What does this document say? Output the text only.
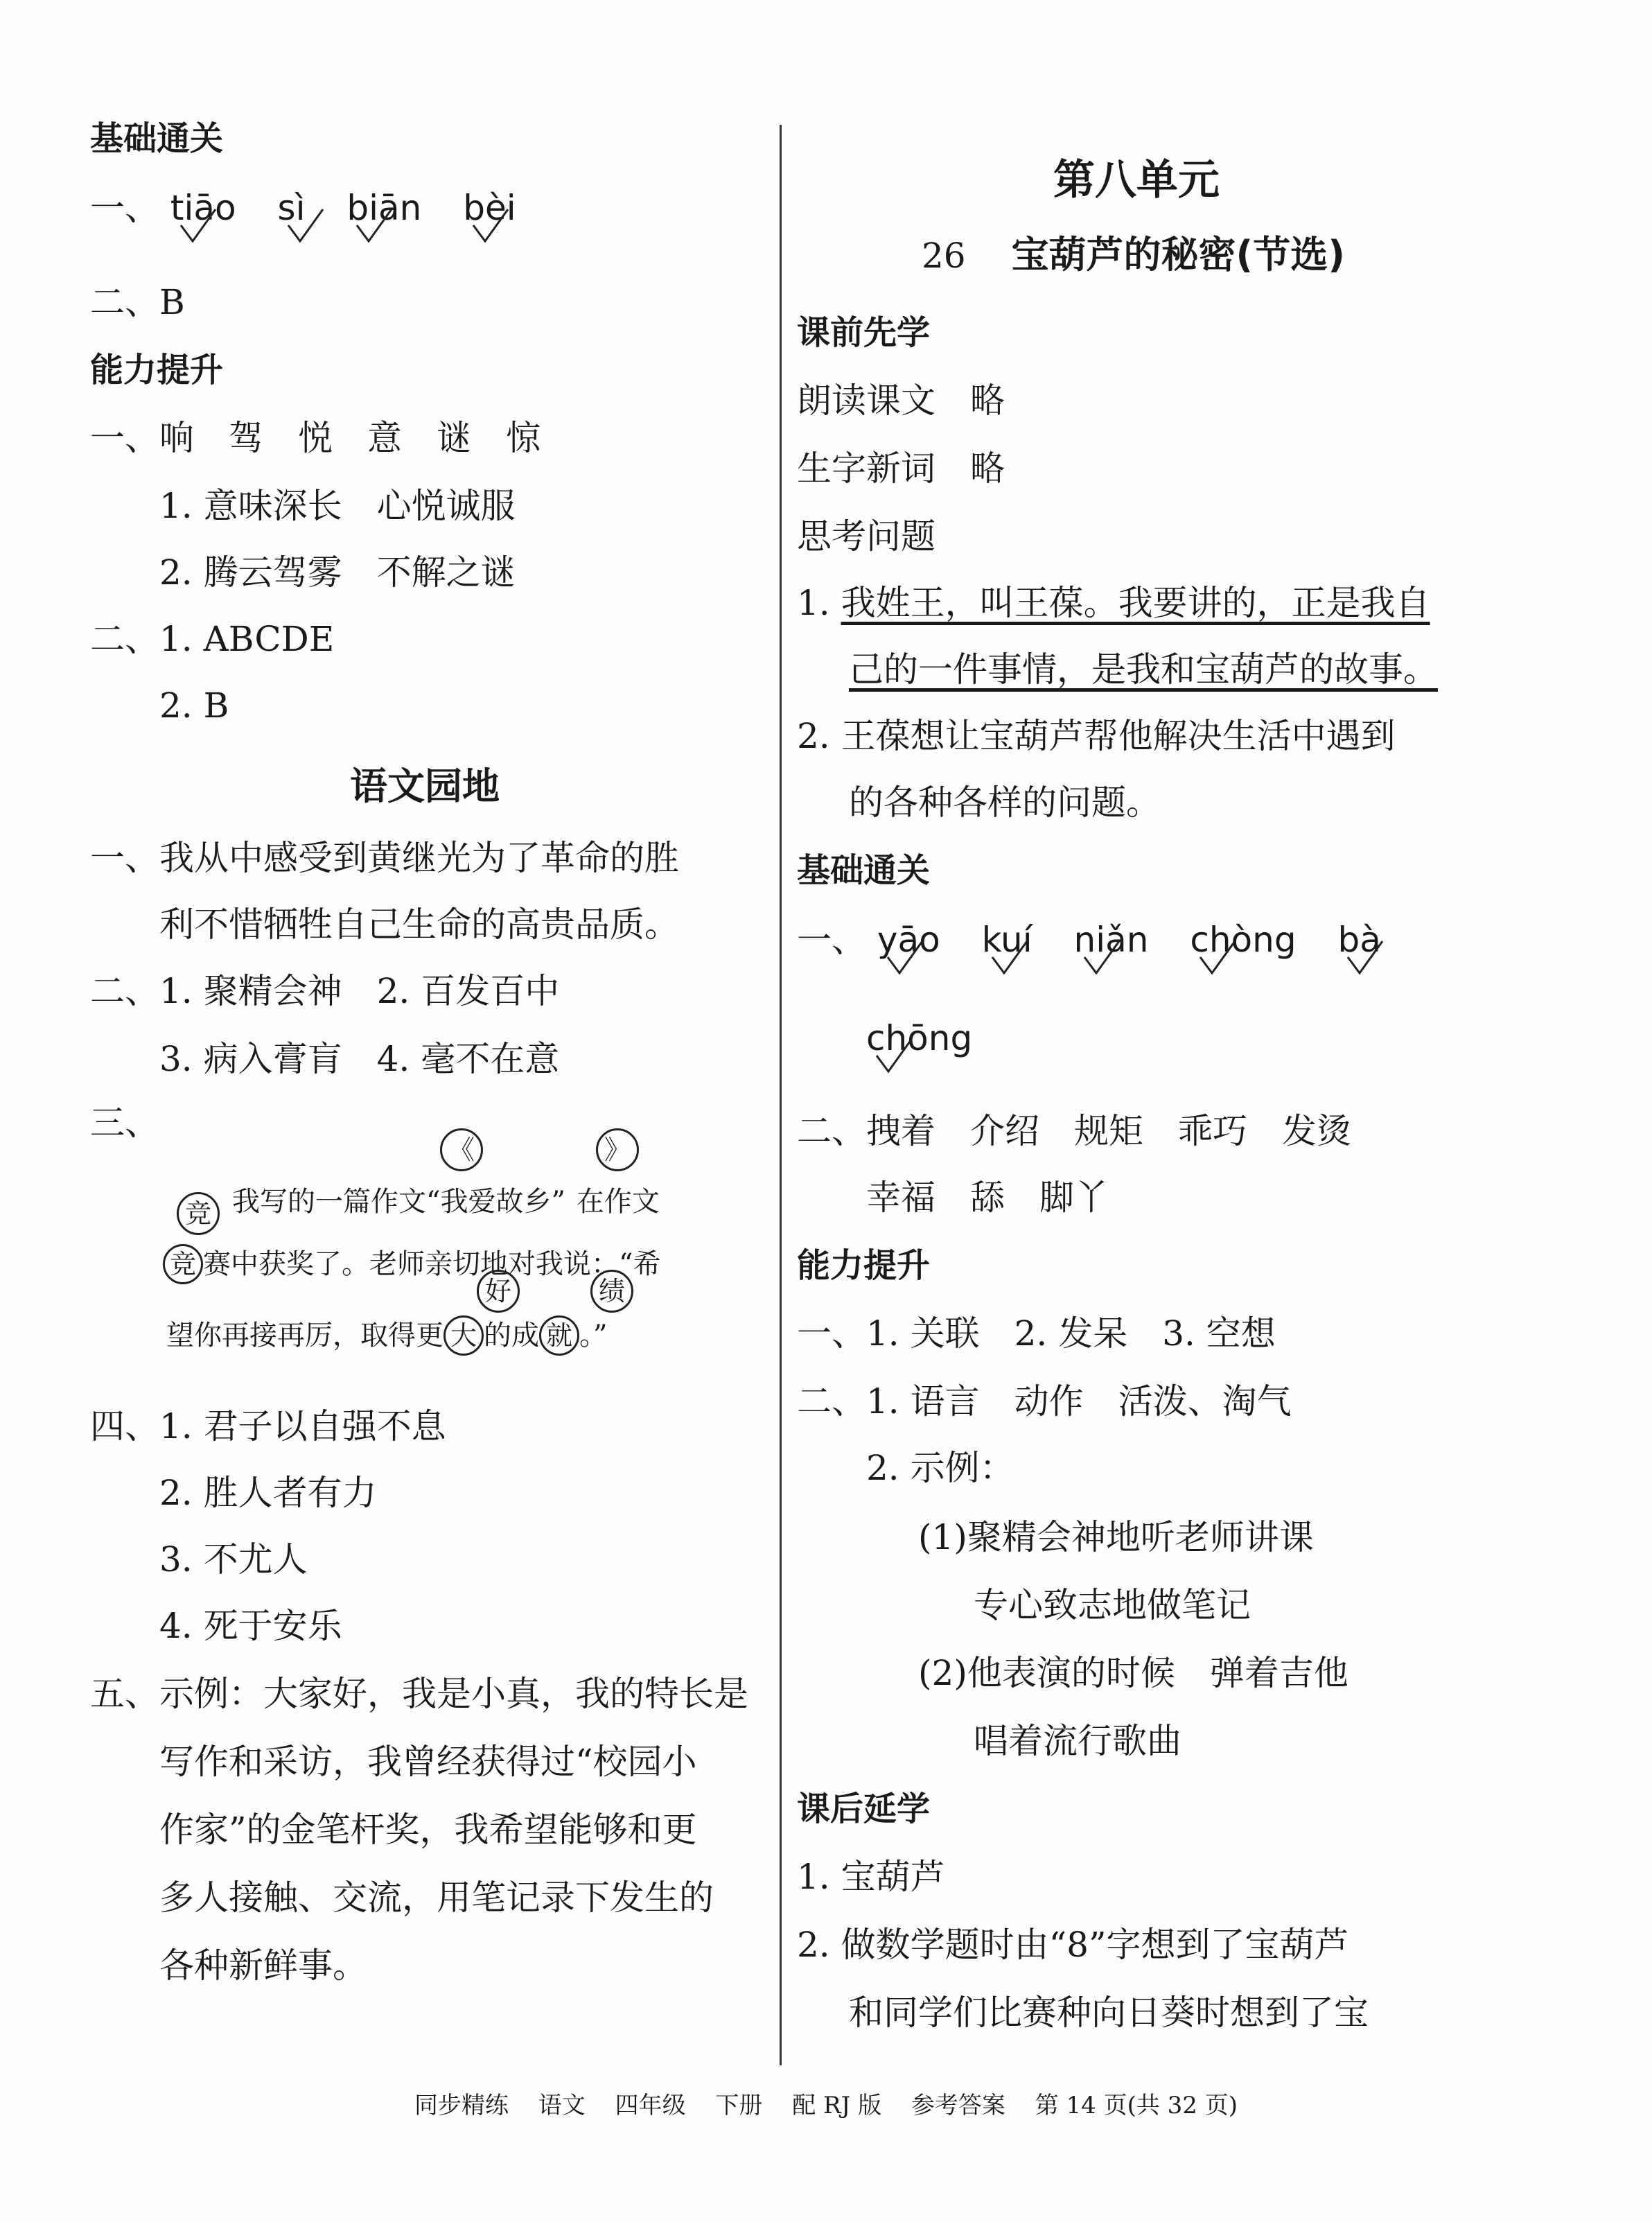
基础通关
一、 tiāo sì biān bèi
二、B
能力提升
一、响　驾　悦　意　谜　惊
1. 意味深长　心悦诚服
2. 腾云驾雾　不解之谜
二、1. ABCDE
2. B
语文园地
一、我从中感受到黄继光为了革命的胜
利不惜牺牲自己生命的高贵品质。
二、1. 聚精会神　2. 百发百中
3. 病入膏肓　4. 毫不在意
三、
《	》
竞 我写的一篇作文“我爱故乡” 在作文
竞 赛中获奖了。老师亲切地对我说：“希
好	绩
望你再接再厉，取得更 大 的成 就 。”
四、1. 君子以自强不息
2. 胜人者有力
3. 不尤人
4. 死于安乐
五、示例：大家好，我是小真，我的特长是
写作和采访，我曾经获得过“校园小
作家”的金笔杆奖，我希望能够和更
多人接触、交流，用笔记录下发生的
各种新鲜事。
第八单元
26 宝葫芦的秘密(节选)
课前先学
朗读课文　略
生字新词　略
思考问题
1. 我姓王，叫王葆。我要讲的，正是我自
己的一件事情，是我和宝葫芦的故事。
2. 王葆想让宝葫芦帮他解决生活中遇到
的各种各样的问题。
基础通关
一、 yāo kuí niǎn chòng bà
chōng
二、拽着　介绍　规矩　乖巧　发烫
幸福　舔　脚丫
能力提升
一、1. 关联　2. 发呆　3. 空想
二、1. 语言　动作　活泼、淘气
2. 示例：
(1)聚精会神地听老师讲课
专心致志地做笔记
(2)他表演的时候　弹着吉他
唱着流行歌曲
课后延学
1. 宝葫芦
2. 做数学题时由“8”字想到了宝葫芦
和同学们比赛种向日葵时想到了宝
同步精练 语文 四年级 下册 配 RJ 版 参考答案 第 14 页(共 32 页)
